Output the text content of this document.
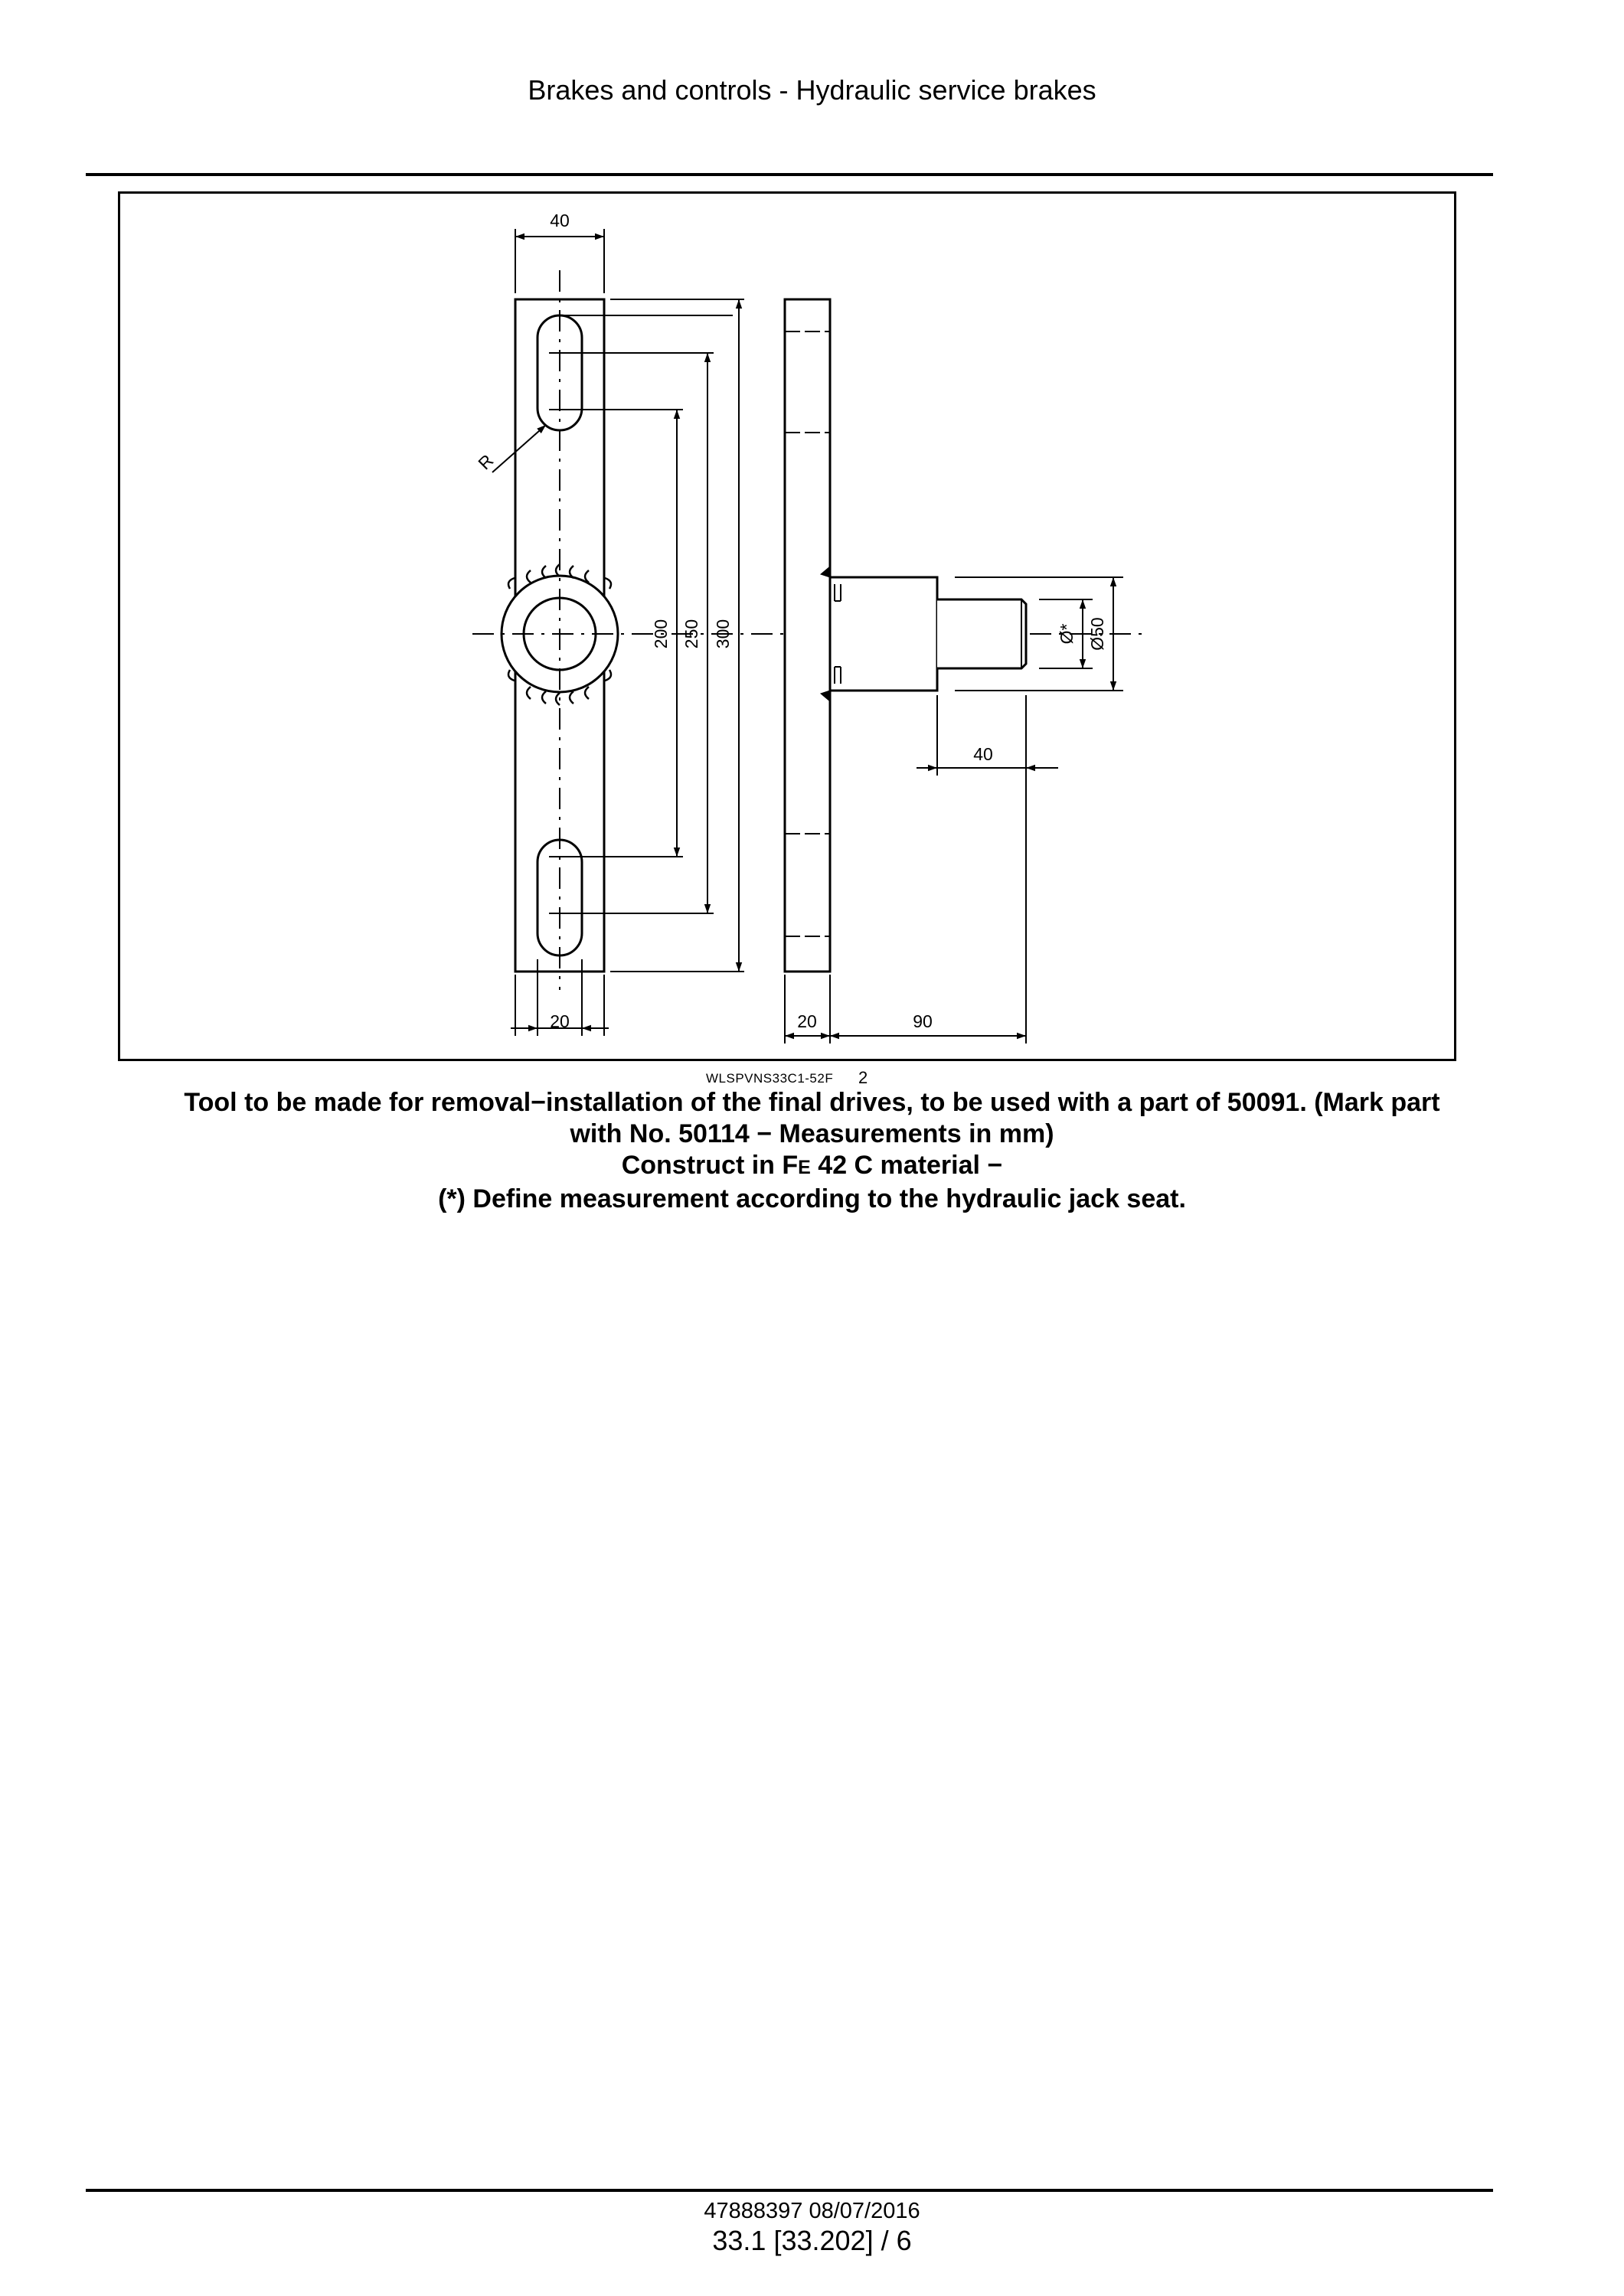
Brakes and controls - Hydraulic service brakes
40
R
200 250 300	Ø* Ø50
40
20	20	90
WLSPVNS33C1-52F 2

Tool to be made for removal−installation of the final drives, to be used with a part of 50091. (Mark part

with No. 50114 − Measurements in mm)

Construct in FE 42 C material −

(*) Define measurement according to the hydraulic jack seat.

47888397 08/07/2016
33.1 [33.202] / 6
